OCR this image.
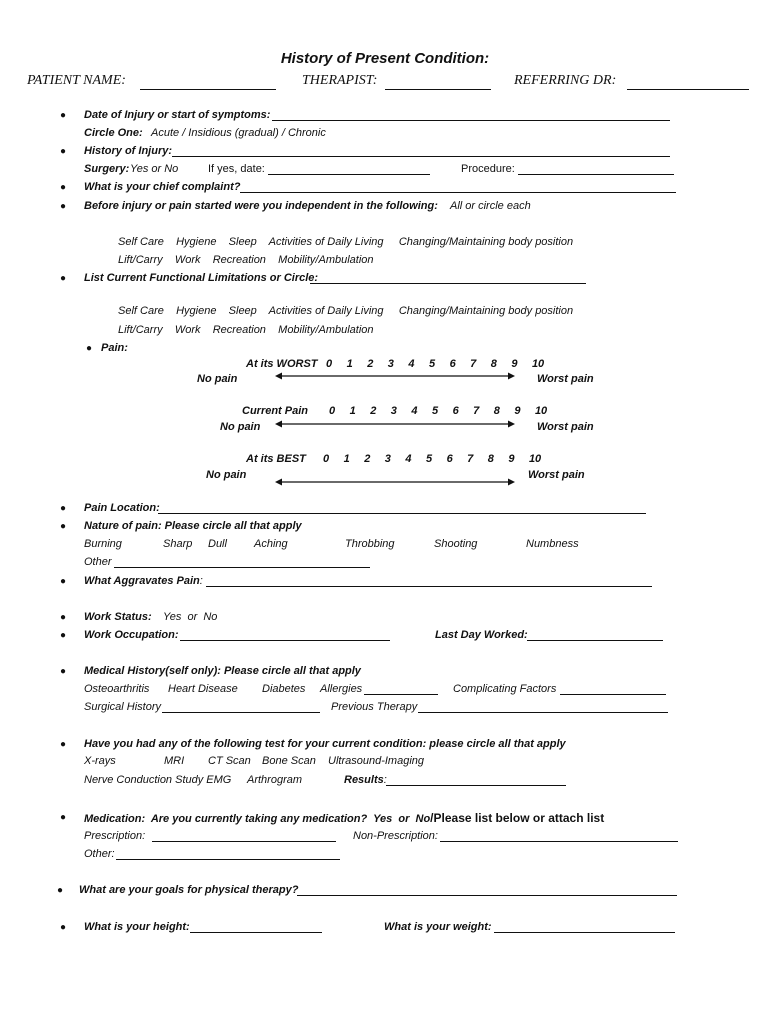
History of Present Condition:
PATIENT NAME:	THERAPIST:	REFERRING DR:
●
●
●
●
●
●
●
●
●
●
●
●
●
●
●
●
Date of Injury or start of symptoms:
Circle One: Acute / Insidious (gradual) / Chronic
History of Injury:
Surgery: Yes or No	If yes, date:	Procedure:
What is your chief complaint?
Before injury or pain started were you independent in the following: All or circle each
Self Care    Hygiene    Sleep    Activities of Daily Living     Changing/Maintaining body position
Lift/Carry    Work    Recreation    Mobility/Ambulation
List Current Functional Limitations or Circle:
Self Care    Hygiene    Sleep    Activities of Daily Living     Changing/Maintaining body position
Lift/Carry    Work    Recreation    Mobility/Ambulation
Pain:
At its WORST 0 1 2 3 4 5 6 7 8 9 10
No pain	Worst pain
Current Pain 0 1 2 3 4 5 6 7 8 9 10
No pain	Worst pain
At its BEST 0 1 2 3 4 5 6 7 8 9 10
No pain	Worst pain
Pain Location:
Nature of pain: Please circle all that apply
Burning	Sharp Dull Aching	Throbbing	Shooting	Numbness
Other
What Aggravates Pain:
Work Status: Yes  or  No
Work Occupation:	Last Day Worked:
Medical History(self only): Please circle all that apply
Osteoarthritis Heart Disease Diabetes Allergies	Complicating Factors
Surgical History	Previous Therapy
Have you had any of the following test for your current condition: please circle all that apply
X-rays	MRI CT Scan Bone Scan Ultrasound-Imaging
Nerve Conduction Study EMG Arthrogram	Results:
Medication:  Are you currently taking any medication?  Yes  or  No/Please list below or attach list
Prescription:	Non-Prescription:
Other:
What are your goals for physical therapy?
What is your height:	What is your weight:
